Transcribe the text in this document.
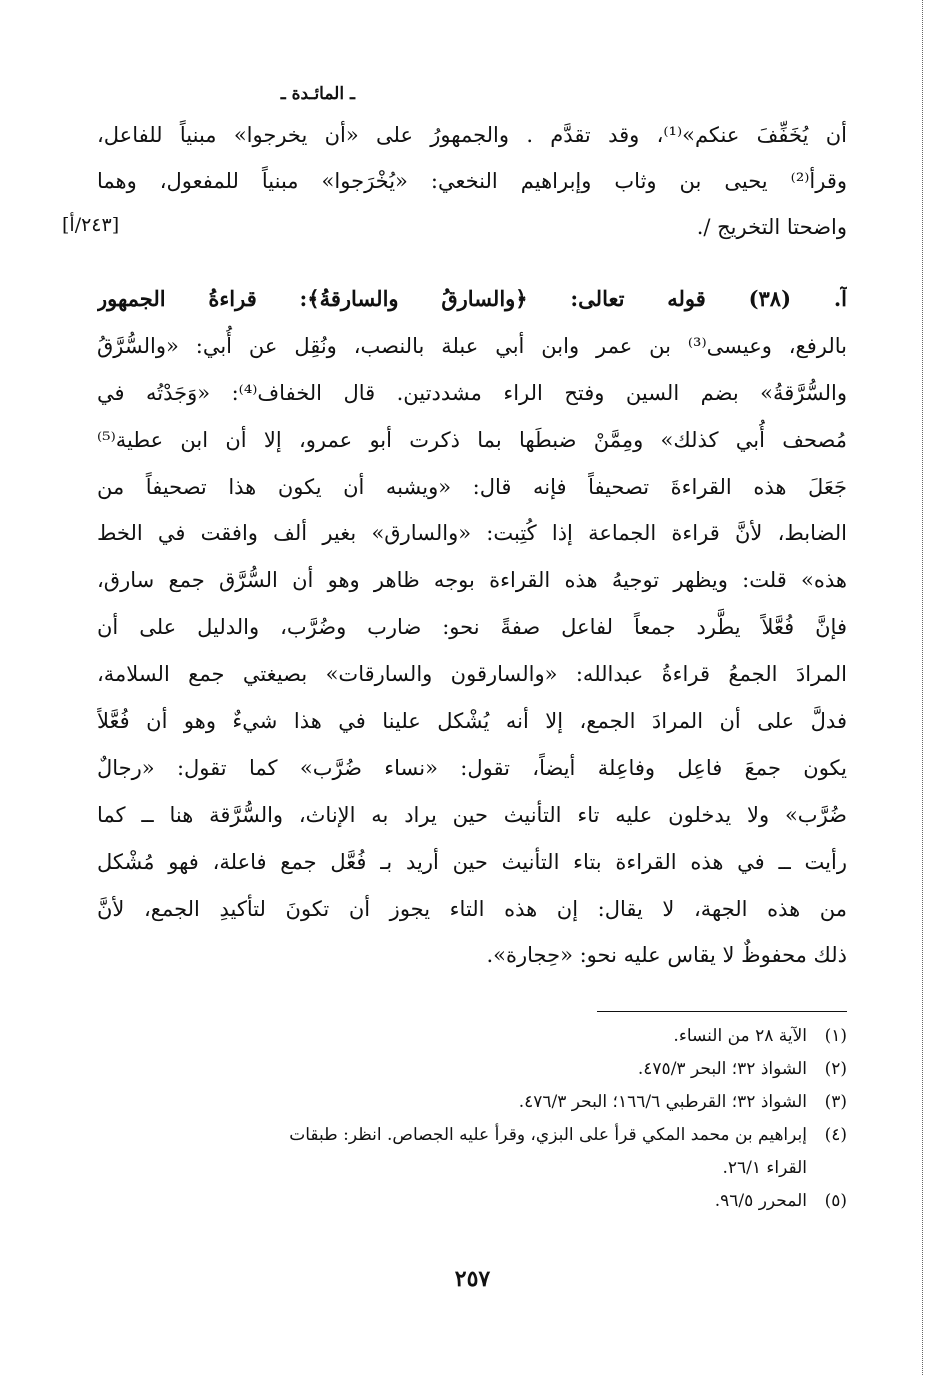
ـ المائـدة ـ
أن يُخَفِّفَ عنكم»⁽¹⁾، وقد تقدَّم . والجمهورُ على «أن يخرجوا» مبنياً للفاعل،
وقرأ⁽²⁾ يحيى بن وثاب وإبراهيم النخعي: «يُخْرَجوا» مبنياً للمفعول، وهما
واضحتا التخريج /.
[٢٤٣/أ]
آ. (٣٨) قوله تعالى: ﴿والسارقُ والسارقةُ﴾: قراءةُ الجمهور
بالرفع، وعيسى⁽³⁾ بن عمر وابن أبي عبلة بالنصب، ونُقِل عن أُبي: «والسُّرَّقُ
والسُّرَّقةُ» بضم السين وفتح الراء مشددتين. قال الخفاف⁽⁴⁾: «وَجَدْتُه في
مُصحف أُبي كذلك» ومِمَّنْ ضبطَها بما ذكرت أبو عمرو، إلا أن ابن عطية⁽⁵⁾
جَعَلَ هذه القراءةَ تصحيفاً فإنه قال: «ويشبه أن يكون هذا تصحيفاً من
الضابط، لأنَّ قراءة الجماعة إذا كُتِبت: «والسارق» بغير ألف وافقت في الخط
هذه» قلت: ويظهر توجيهُ هذه القراءة بوجه ظاهر وهو أن السُّرَّق جمع سارق،
فإنَّ فُعَّلاً يطَّرد جمعاً لفاعل صفةً نحو: ضارب وضُرَّب، والدليل على أن
المرادَ الجمعُ قراءةُ عبدالله: «والسارقون والسارقات» بصيغتي جمع السلامة،
فدلَّ على أن المرادَ الجمع، إلا أنه يُشْكل علينا في هذا شيءٌ وهو أن فُعَّلاً
يكون جمعَ فاعِل وفاعِلة أيضاً، تقول: «نساء ضُرَّب» كما تقول: «رجالٌ
ضُرَّب» ولا يدخلون عليه تاء التأنيث حين يراد به الإناث، والسُّرَّقة هنا ــ كما
رأيت ــ في هذه القراءة بتاء التأنيث حين أريد بـ فُعَّل جمع فاعلة، فهو مُشْكل
من هذه الجهة، لا يقال: إن هذه التاء يجوز أن تكونَ لتأكيدِ الجمع، لأنَّ
ذلك محفوظٌ لا يقاس عليه نحو: «حِجارة».
(١)
الآية ٢٨ من النساء.
(٢)
الشواذ ٣٢؛ البحر ٤٧٥/٣.
(٣)
الشواذ ٣٢؛ القرطبي ١٦٦/٦؛ البحر ٤٧٦/٣.
(٤)
إبراهيم بن محمد المكي قرأ على البزي، وقرأ عليه الجصاص. انظر: طبقات
القراء ٢٦/١.
(٥)
المحرر ٩٦/٥.
٢٥٧
